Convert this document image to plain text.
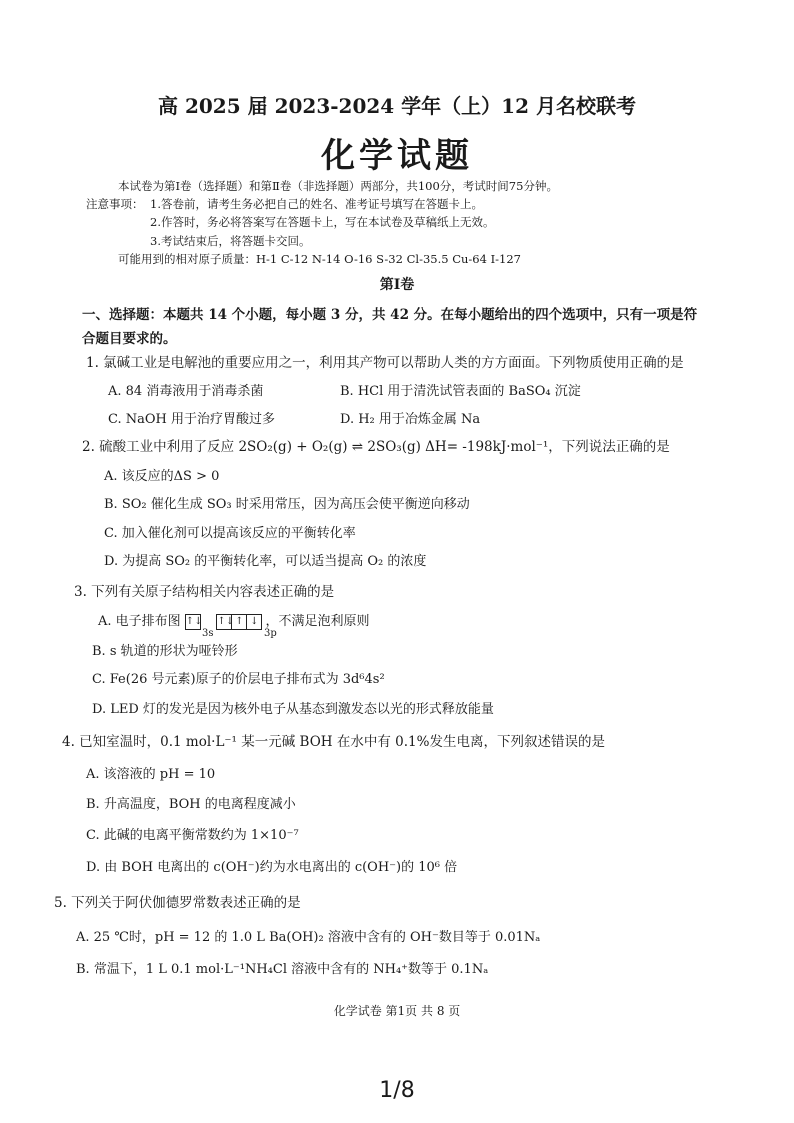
高 2025 届 2023-2024 学年（上）12 月名校联考
化学试题
本试卷为第Ⅰ卷（选择题）和第Ⅱ卷（非选择题）两部分，共100分，考试时间75分钟。
注意事项： 1.答卷前，请考生务必把自己的姓名、准考证号填写在答题卡上。
2.作答时，务必将答案写在答题卡上，写在本试卷及草稿纸上无效。
3.考试结束后，将答题卡交回。
可能用到的相对原子质量：H-1 C-12 N-14 O-16 S-32 Cl-35.5 Cu-64 I-127
第Ⅰ卷
一、选择题：本题共 14 个小题，每小题 3 分，共 42 分。在每小题给出的四个选项中，只有一项是符
合题目要求的。
1. 氯碱工业是电解池的重要应用之一，利用其产物可以帮助人类的方方面面。下列物质使用正确的是
A. 84 消毒液用于消毒杀菌	B. HCl 用于清洗试管表面的 BaSO₄ 沉淀
C. NaOH 用于治疗胃酸过多	D. H₂ 用于冶炼金属 Na
2. 硫酸工业中利用了反应 2SO₂(g) + O₂(g) ⇌ 2SO₃(g) ΔH= -198kJ·mol⁻¹，下列说法正确的是
A. 该反应的ΔS > 0
B. SO₂ 催化生成 SO₃ 时采用常压，因为高压会使平衡逆向移动
C. 加入催化剂可以提高该反应的平衡转化率
D. 为提高 SO₂ 的平衡转化率，可以适当提高 O₂ 的浓度
3. 下列有关原子结构相关内容表述正确的是
A. 电子排布图 ↑↓ ↑↓↑ ↓ ，不满足泡利原则
3s	3p
B. s 轨道的形状为哑铃形
C. Fe(26 号元素)原子的价层电子排布式为 3d⁶4s²
D. LED 灯的发光是因为核外电子从基态到激发态以光的形式释放能量
4. 已知室温时，0.1 mol·L⁻¹ 某一元碱 BOH 在水中有 0.1%发生电离，下列叙述错误的是
A. 该溶液的 pH = 10
B. 升高温度，BOH 的电离程度减小
C. 此碱的电离平衡常数约为 1×10⁻⁷
D. 由 BOH 电离出的 c(OH⁻)约为水电离出的 c(OH⁻)的 10⁶ 倍
5. 下列关于阿伏伽德罗常数表述正确的是
A. 25 ℃时，pH = 12 的 1.0 L Ba(OH)₂ 溶液中含有的 OH⁻数目等于 0.01Nₐ
B. 常温下，1 L 0.1 mol·L⁻¹NH₄Cl 溶液中含有的 NH₄⁺数等于 0.1Nₐ
化学试卷 第1页 共 8 页
1/8
